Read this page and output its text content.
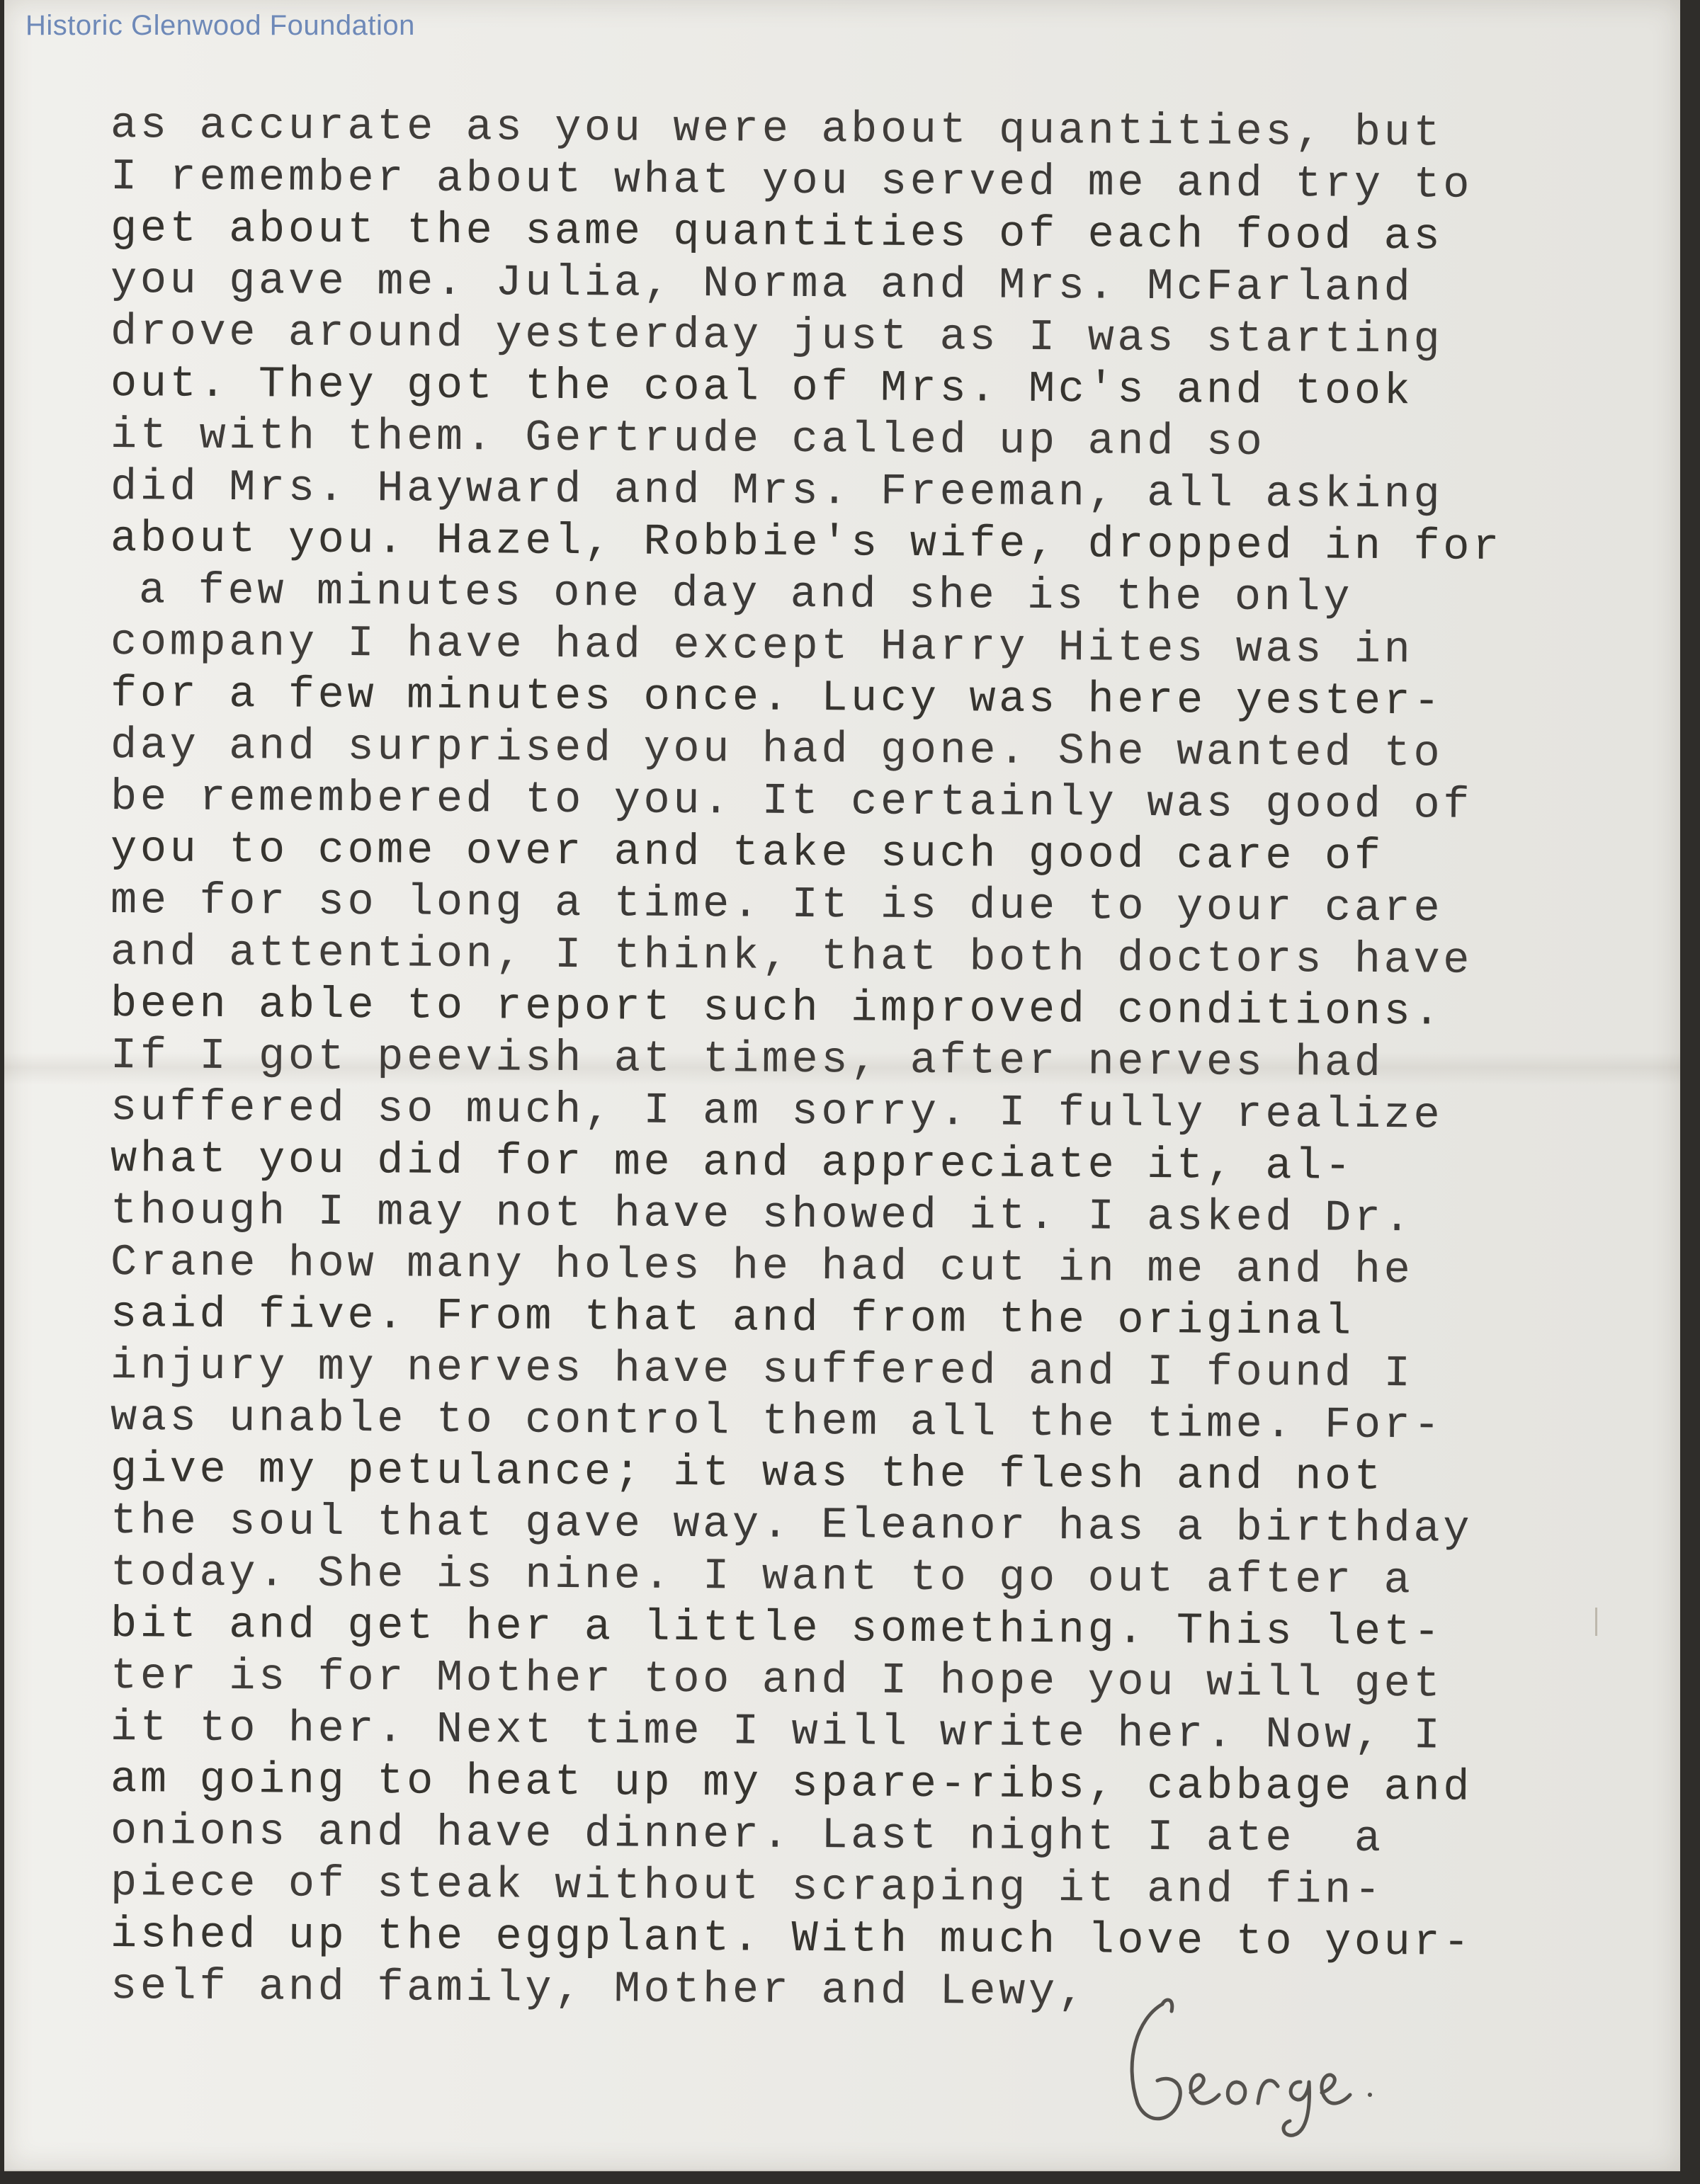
Historic Glenwood Foundation
as accurate as you were about quantities, but
I remember about what you served me and try to
get about the same quantities of each food as
you gave me. Julia, Norma and Mrs. McFarland
drove around yesterday just as I was starting
out. They got the coal of Mrs. Mc's and took
it with them. Gertrude called up and so
did Mrs. Hayward and Mrs. Freeman, all asking
about you. Hazel, Robbie's wife, dropped in for
a few minutes one day and she is the only
company I have had except Harry Hites was in
for a few minutes once. Lucy was here yester-
day and surprised you had gone. She wanted to
be remembered to you. It certainly was good of
you to come over and take such good care of
me for so long a time. It is due to your care
and attention, I think, that both doctors have
been able to report such improved conditions.
If I got peevish at times, after nerves had
suffered so much, I am sorry. I fully realize
what you did for me and appreciate it, al-
though I may not have showed it. I asked Dr.
Crane how many holes he had cut in me and he
said five. From that and from the original
injury my nerves have suffered and I found I
was unable to control them all the time. For-
give my petulance; it was the flesh and not
the soul that gave way. Eleanor has a birthday
today. She is nine. I want to go out after a
bit and get her a little something. This let-
ter is for Mother too and I hope you will get
it to her. Next time I will write her. Now, I
am going to heat up my spare-ribs, cabbage and
onions and have dinner. Last night I ate  a
piece of steak without scraping it and fin-
ished up the eggplant. With much love to your-
self and family, Mother and Lewy,
